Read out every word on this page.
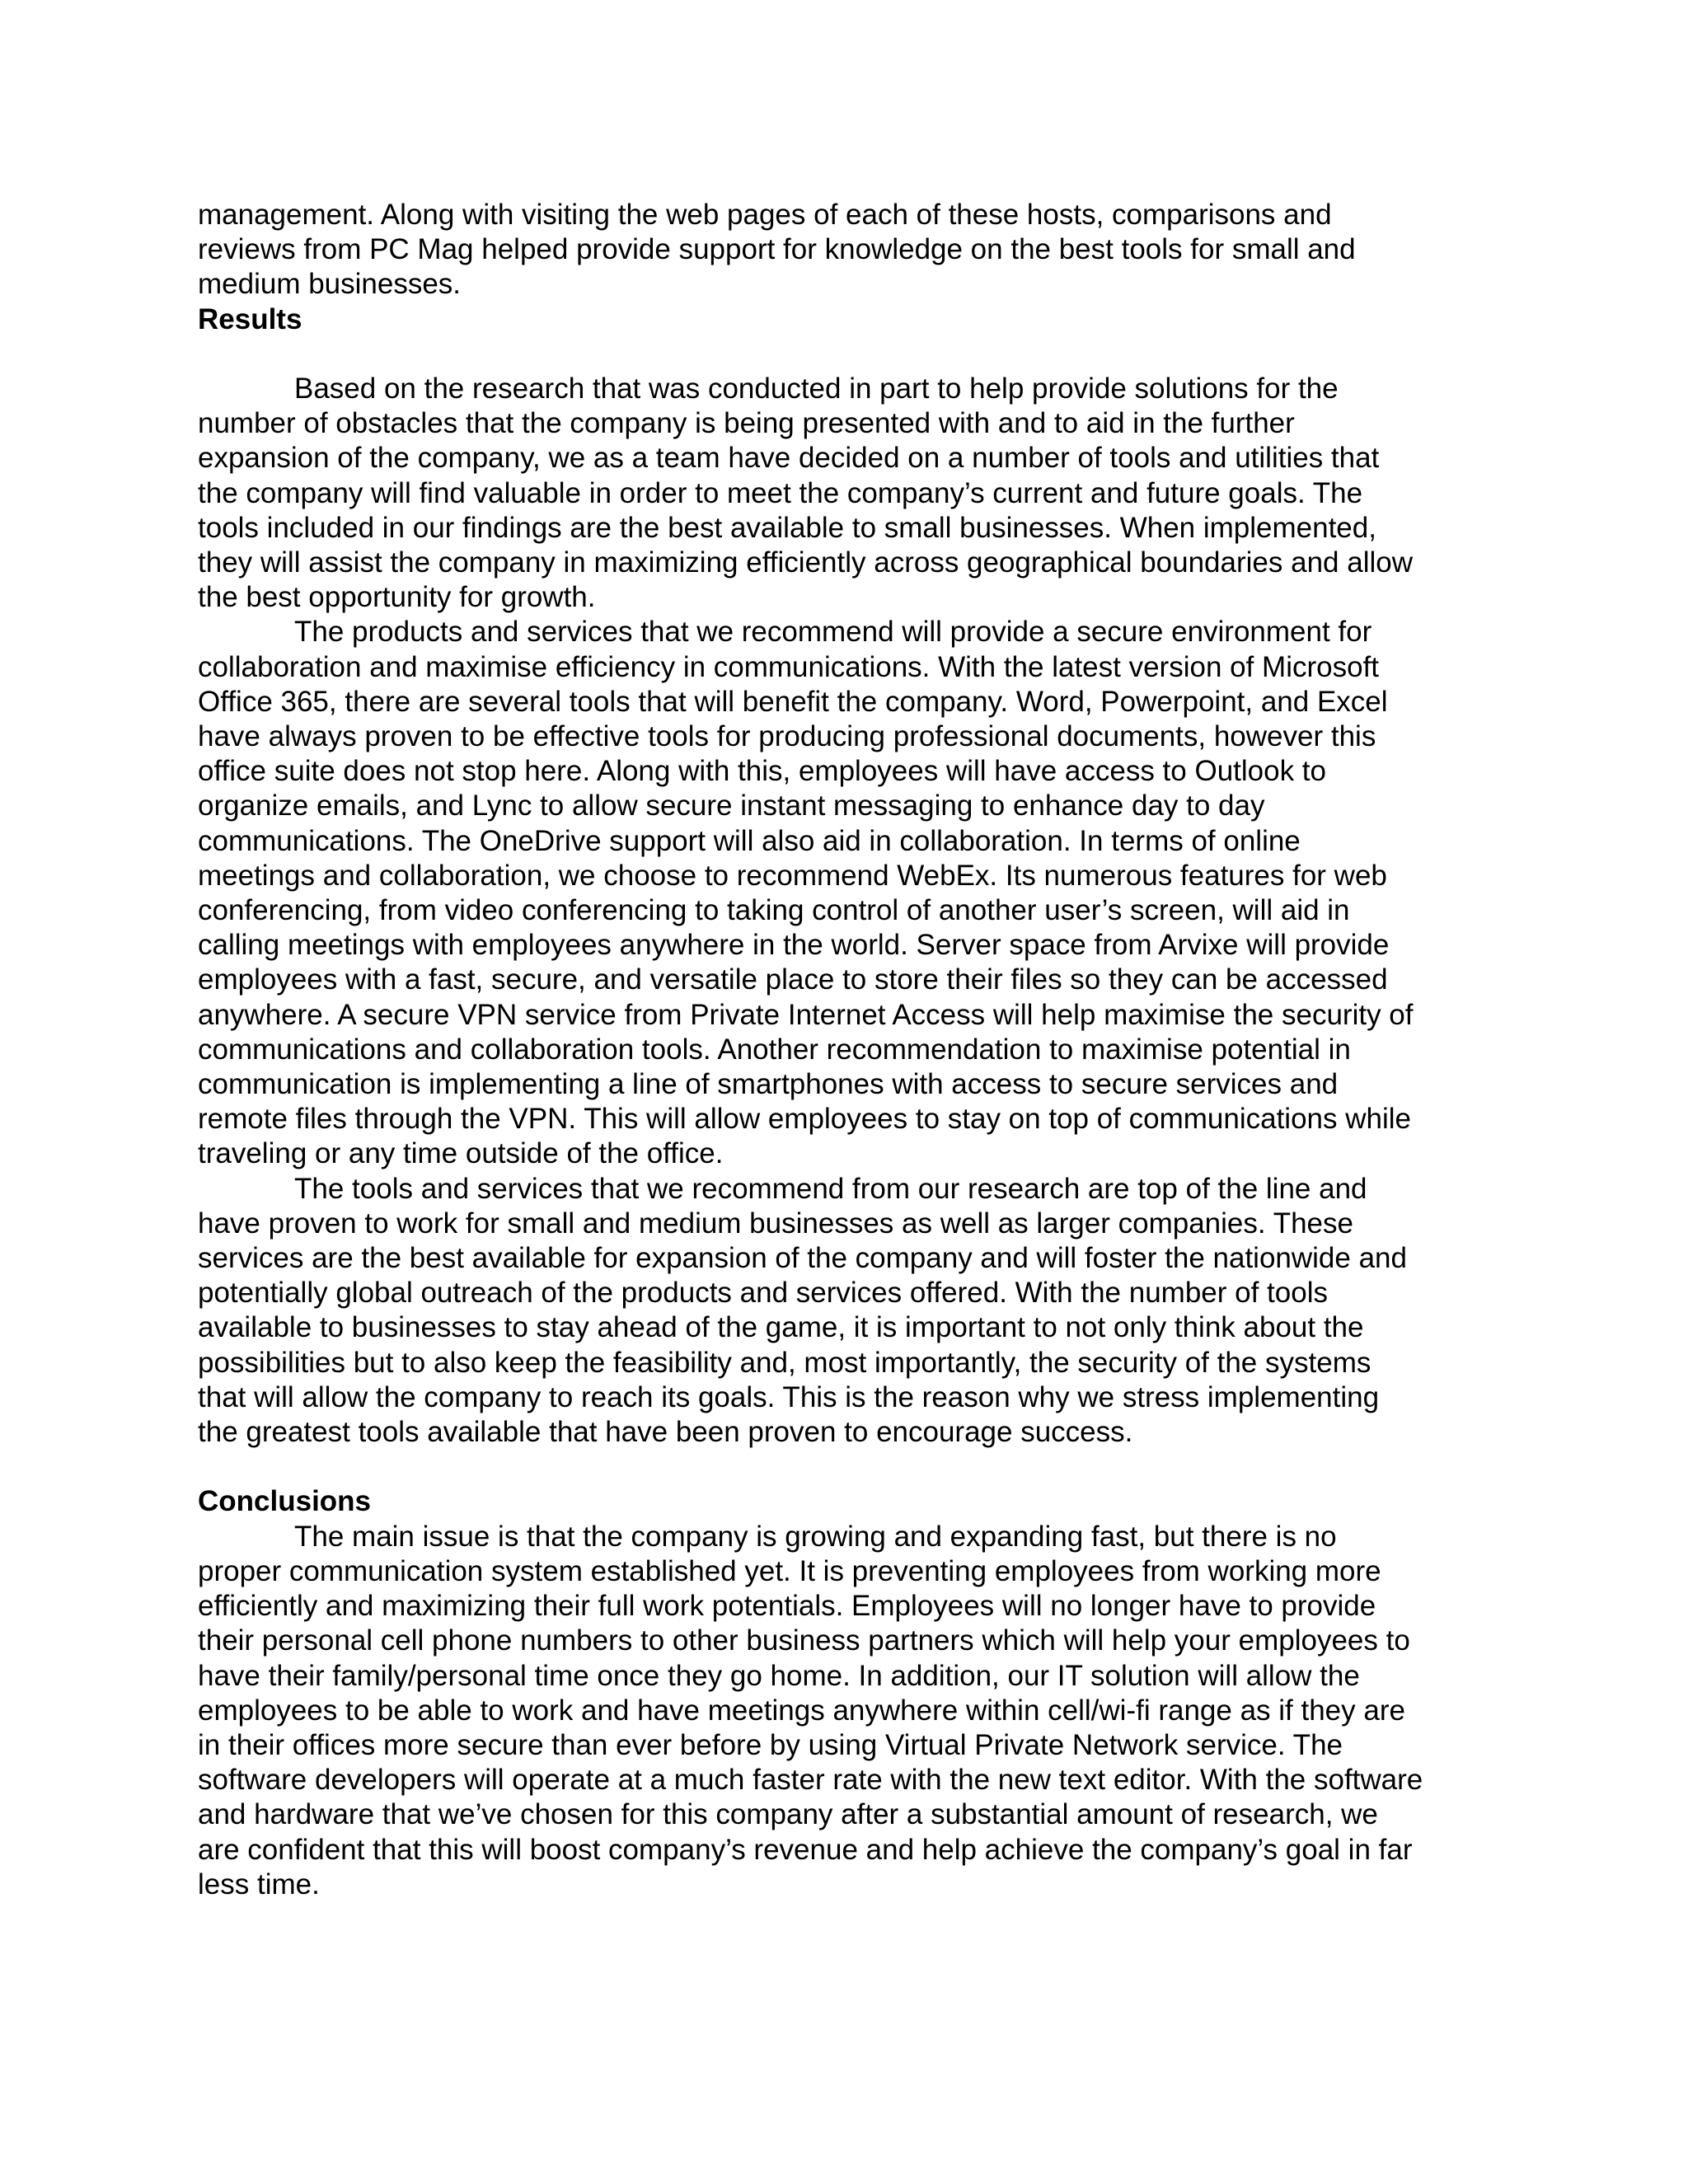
management. Along with visiting the web pages of each of these hosts, comparisons and
reviews from PC Mag helped provide support for knowledge on the best tools for small and
medium businesses.
Results
Based on the research that was conducted in part to help provide solutions for the
number of obstacles that the company is being presented with and to aid in the further
expansion of the company, we as a team have decided on a number of tools and utilities that
the company will find valuable in order to meet the company’s current and future goals. The
tools included in our findings are the best available to small businesses. When implemented,
they will assist the company in maximizing efficiently across geographical boundaries and allow
the best opportunity for growth.
The products and services that we recommend will provide a secure environment for
collaboration and maximise efficiency in communications. With the latest version of Microsoft
Office 365, there are several tools that will benefit the company. Word, Powerpoint, and Excel
have always proven to be effective tools for producing professional documents, however this
office suite does not stop here. Along with this, employees will have access to Outlook to
organize emails, and Lync to allow secure instant messaging to enhance day to day
communications. The OneDrive support will also aid in collaboration. In terms of online
meetings and collaboration, we choose to recommend WebEx. Its numerous features for web
conferencing, from video conferencing to taking control of another user’s screen, will aid in
calling meetings with employees anywhere in the world. Server space from Arvixe will provide
employees with a fast, secure, and versatile place to store their files so they can be accessed
anywhere. A secure VPN service from Private Internet Access will help maximise the security of
communications and collaboration tools. Another recommendation to maximise potential in
communication is implementing a line of smartphones with access to secure services and
remote files through the VPN. This will allow employees to stay on top of communications while
traveling or any time outside of the office.
The tools and services that we recommend from our research are top of the line and
have proven to work for small and medium businesses as well as larger companies. These
services are the best available for expansion of the company and will foster the nationwide and
potentially global outreach of the products and services offered. With the number of tools
available to businesses to stay ahead of the game, it is important to not only think about the
possibilities but to also keep the feasibility and, most importantly, the security of the systems
that will allow the company to reach its goals. This is the reason why we stress implementing
the greatest tools available that have been proven to encourage success.
Conclusions
The main issue is that the company is growing and expanding fast, but there is no
proper communication system established yet. It is preventing employees from working more
efficiently and maximizing their full work potentials. Employees will no longer have to provide
their personal cell phone numbers to other business partners which will help your employees to
have their family/personal time once they go home. In addition, our IT solution will allow the
employees to be able to work and have meetings anywhere within cell/wi-fi range as if they are
in their offices more secure than ever before by using Virtual Private Network service. The
software developers will operate at a much faster rate with the new text editor. With the software
and hardware that we’ve chosen for this company after a substantial amount of research, we
are confident that this will boost company’s revenue and help achieve the company’s goal in far
less time.
